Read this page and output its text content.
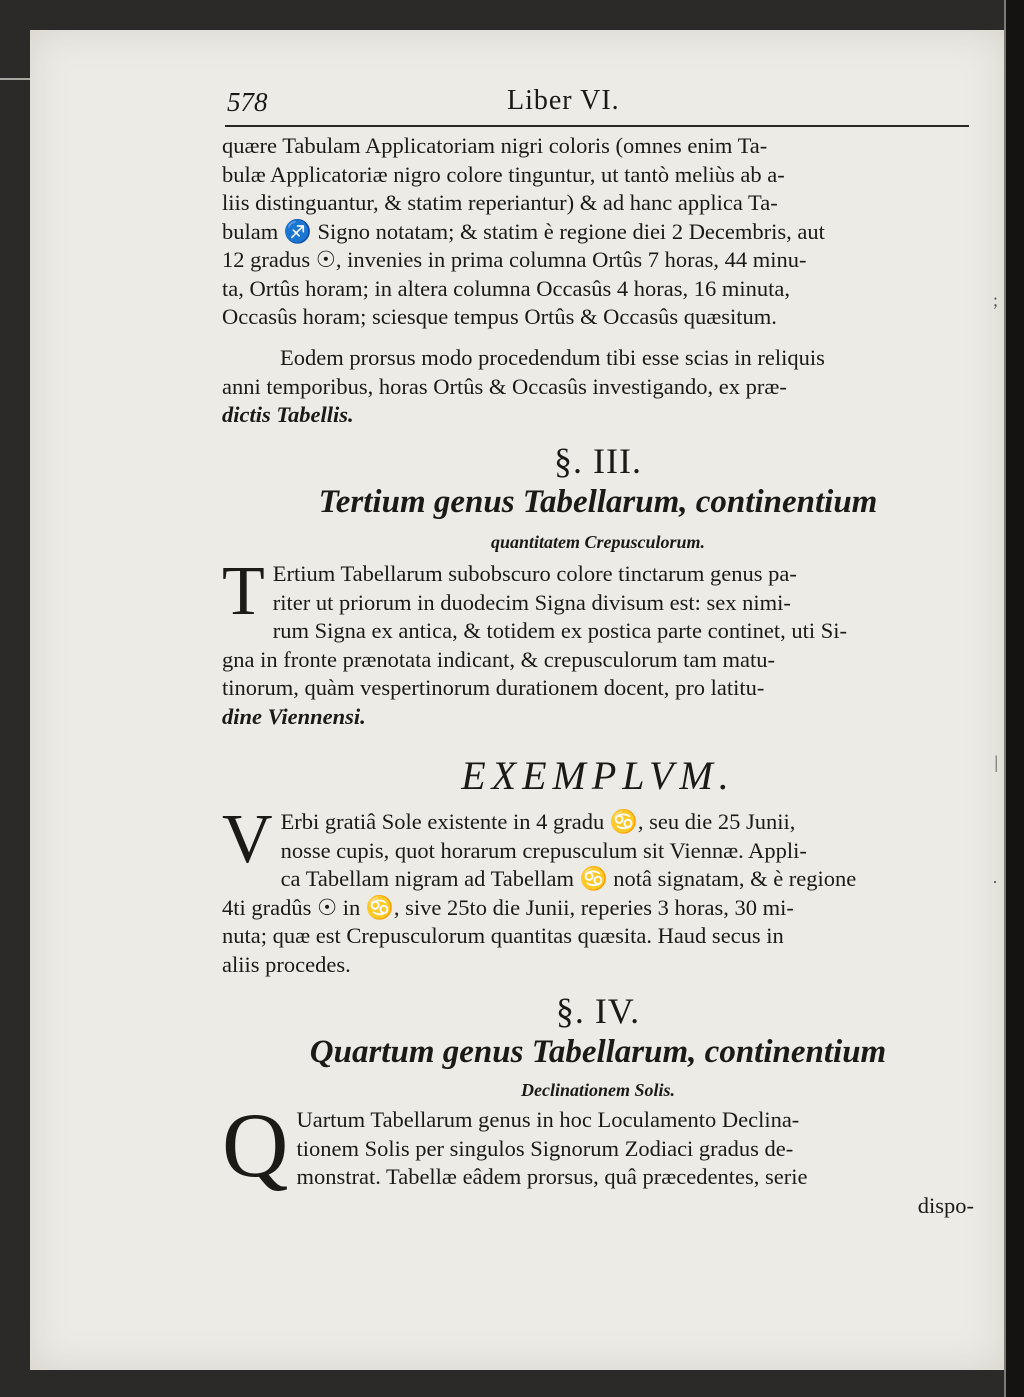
;
|
·
578	Liber VI.

quære Tabulam Applicatoriam nigri coloris (omnes enim Ta-

bulæ Applicatoriæ nigro colore tinguntur, ut tantò meliùs ab a-

liis distinguantur, & statim reperiantur) & ad hanc applica Ta-

bulam ♐ Signo notatam; & statim è regione diei 2 Decembris, aut

12 gradus ☉, invenies in prima columna Ortûs 7 horas, 44 minu-

ta, Ortûs horam; in altera columna Occasûs 4 horas, 16 minuta,

Occasûs horam; sciesque tempus Ortûs & Occasûs quæsitum.

Eodem prorsus modo procedendum tibi esse scias in reliquis

anni temporibus, horas Ortûs & Occasûs investigando, ex præ-

dictis Tabellis.

§. III.
Tertium genus Tabellarum, continentium
quantitatem Crepusculorum.
T Ertium Tabellarum subobscuro colore tinctarum genus pa-

riter ut priorum in duodecim Signa divisum est: sex nimi-

rum Signa ex antica, & totidem ex postica parte continet, uti Si-

gna in fronte prænotata indicant, & crepusculorum tam matu-

tinorum, quàm vespertinorum durationem docent, pro latitu-

dine Viennensi.

EXEMPLVM.
V Erbi gratiâ Sole existente in 4 gradu ♋, seu die 25 Junii,

nosse cupis, quot horarum crepusculum sit Viennæ. Appli-

ca Tabellam nigram ad Tabellam ♋ notâ signatam, & è regione

4ti gradûs ☉ in ♋, sive 25to die Junii, reperies 3 horas, 30 mi-

nuta; quæ est Crepusculorum quantitas quæsita. Haud secus in

aliis procedes.

§. IV.
Quartum genus Tabellarum, continentium
Declinationem Solis.
Q Uartum Tabellarum genus in hoc Loculamento Declina-

tionem Solis per singulos Signorum Zodiaci gradus de-

monstrat. Tabellæ eâdem prorsus, quâ præcedentes, serie

dispo-
